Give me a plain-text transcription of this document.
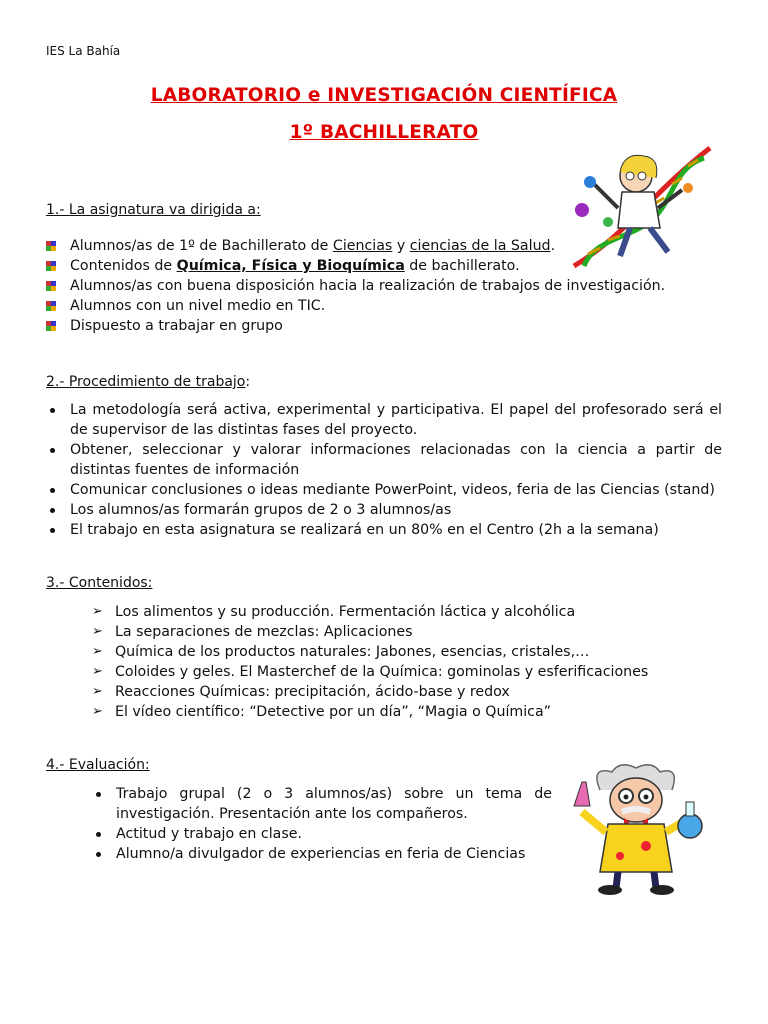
IES La Bahía
LABORATORIO e INVESTIGACIÓN CIENTÍFICA
1º BACHILLERATO
1.- La asignatura va dirigida a:
Alumnos/as de 1º de Bachillerato de Ciencias y ciencias de la Salud.
Contenidos de Química, Física y Bioquímica de bachillerato.
Alumnos/as con buena disposición hacia la realización de trabajos de investigación.
Alumnos con un nivel medio en TIC.
Dispuesto a trabajar en grupo
2.- Procedimiento de trabajo:
La metodología será activa, experimental y participativa. El papel del profesorado será el de supervisor de las distintas fases del proyecto.
Obtener, seleccionar y valorar informaciones relacionadas con la ciencia a partir de distintas fuentes de información
Comunicar conclusiones o ideas mediante PowerPoint, videos, feria de las Ciencias (stand)
Los alumnos/as formarán grupos de 2 o 3 alumnos/as
El trabajo en esta asignatura se realizará en un 80% en el Centro (2h a la semana)
3.- Contenidos:
➢ Los alimentos y su producción. Fermentación láctica y alcohólica
➢ La separaciones de mezclas: Aplicaciones
➢ Química de los productos naturales: Jabones, esencias, cristales,…
➢ Coloides y geles. El Masterchef de la Química: gominolas y esferificaciones
➢ Reacciones Químicas: precipitación, ácido-base y redox
➢ El vídeo científico: “Detective por un día”, “Magia o Química”
4.- Evaluación:
Trabajo grupal (2 o 3 alumnos/as) sobre un tema de investigación. Presentación ante los compañeros.
Actitud y trabajo en clase.
Alumno/a divulgador de experiencias en feria de Ciencias
